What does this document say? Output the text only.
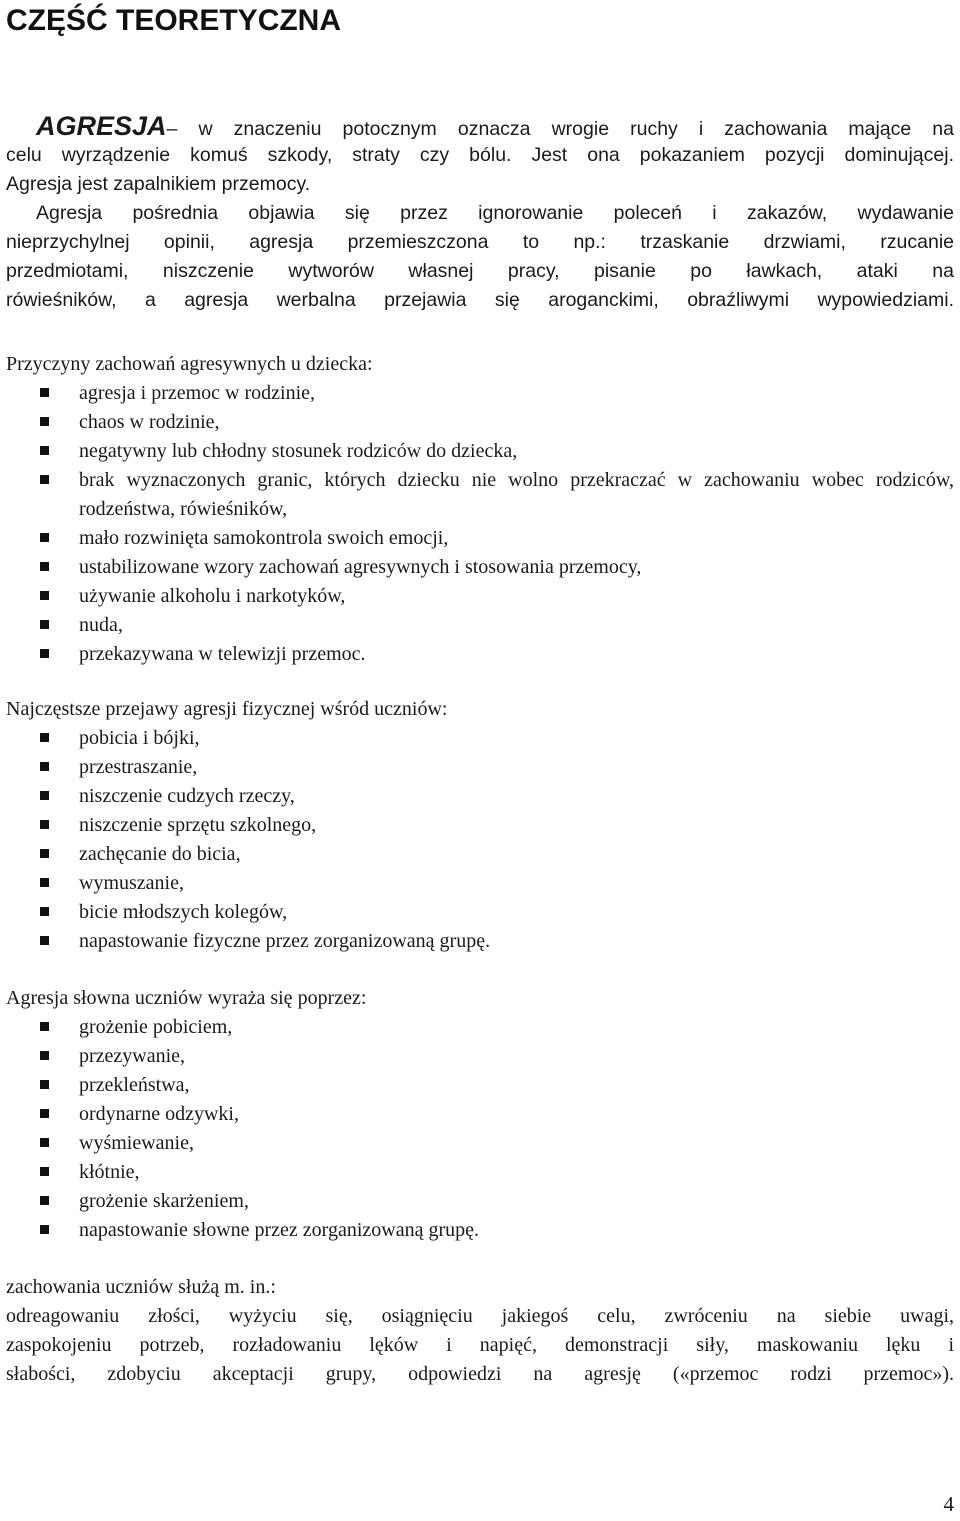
CZĘŚĆ TEORETYCZNA
AGRESJA– w znaczeniu potocznym oznacza wrogie ruchy i zachowania mające na
celu wyrządzenie komuś szkody, straty czy bólu. Jest ona pokazaniem pozycji dominującej.
Agresja jest zapalnikiem przemocy.
Agresja pośrednia objawia się przez ignorowanie poleceń i zakazów, wydawanie
nieprzychylnej opinii, agresja przemieszczona to np.: trzaskanie drzwiami, rzucanie
przedmiotami, niszczenie wytworów własnej pracy, pisanie po ławkach, ataki na
rówieśników, a agresja werbalna przejawia się aroganckimi, obraźliwymi wypowiedziami.
Przyczyny zachowań agresywnych u dziecka:
agresja i przemoc w rodzinie,
chaos w rodzinie,
negatywny lub chłodny stosunek rodziców do dziecka,
brak wyznaczonych granic, których dziecku nie wolno przekraczać w zachowaniu wobec rodziców, rodzeństwa, rówieśników,
mało rozwinięta samokontrola swoich emocji,
ustabilizowane wzory zachowań agresywnych i stosowania przemocy,
używanie alkoholu i narkotyków,
nuda,
przekazywana w telewizji przemoc.
Najczęstsze przejawy agresji fizycznej wśród uczniów:
pobicia i bójki,
przestraszanie,
niszczenie cudzych rzeczy,
niszczenie sprzętu szkolnego,
zachęcanie do bicia,
wymuszanie,
bicie młodszych kolegów,
napastowanie fizyczne przez zorganizowaną grupę.
Agresja słowna uczniów wyraża się poprzez:
grożenie pobiciem,
przezywanie,
przekleństwa,
ordynarne odzywki,
wyśmiewanie,
kłótnie,
grożenie skarżeniem,
napastowanie słowne przez zorganizowaną grupę.
zachowania uczniów służą m. in.:
odreagowaniu złości, wyżyciu się, osiągnięciu jakiegoś celu, zwróceniu na siebie uwagi,
zaspokojeniu potrzeb, rozładowaniu lęków i napięć, demonstracji siły, maskowaniu lęku i
słabości, zdobyciu akceptacji grupy, odpowiedzi na agresję («przemoc rodzi przemoc»).
4
